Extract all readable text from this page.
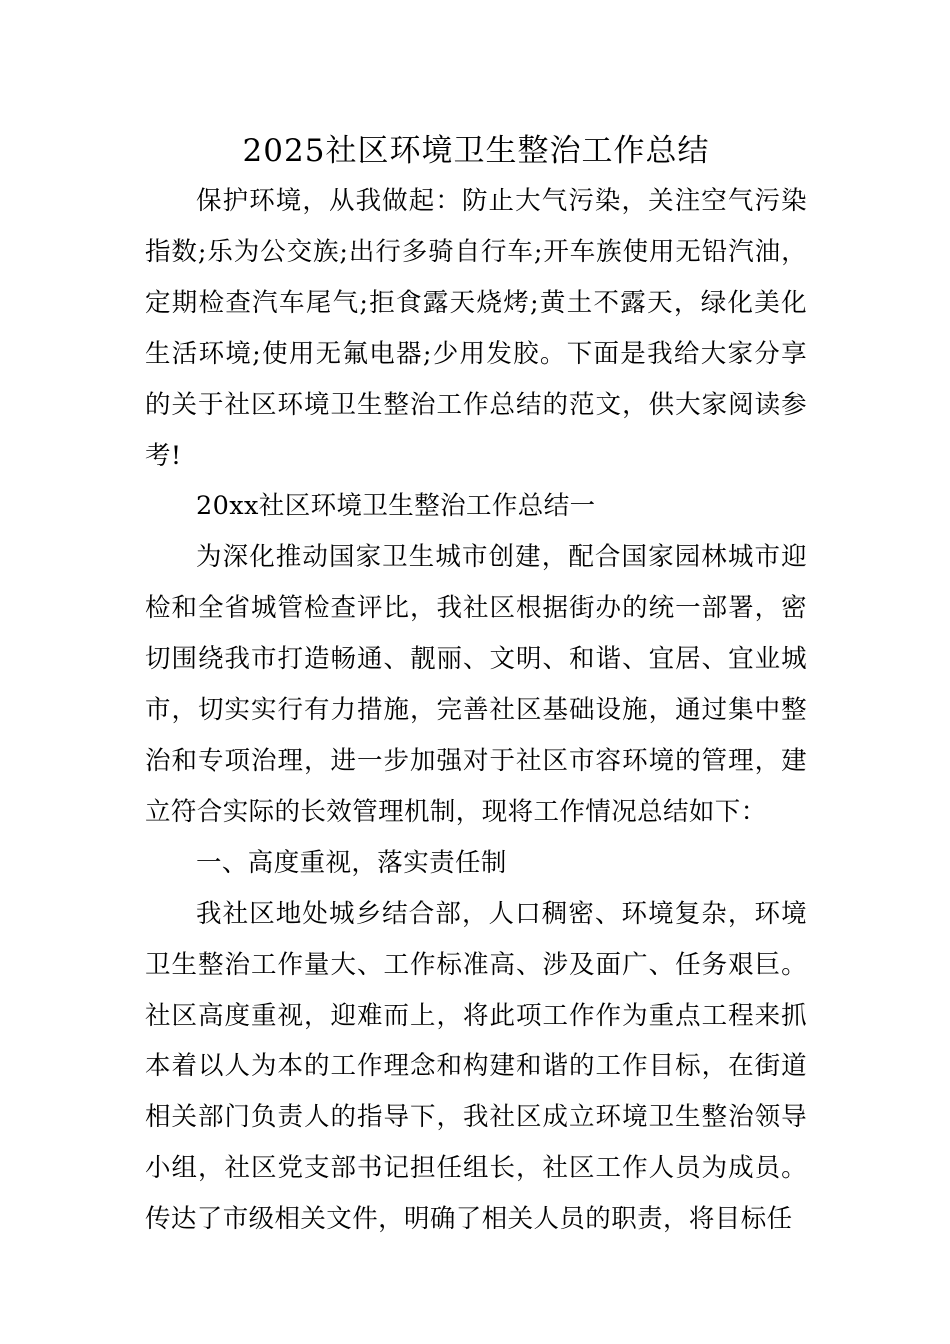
2025社区环境卫生整治工作总结

保护环境，从我做起：防止大气污染，关注空气污染指数;乐为公交族;出行多骑自行车;开车族使用无铅汽油，定期检查汽车尾气;拒食露天烧烤;黄土不露天，绿化美化生活环境;使用无氟电器;少用发胶。下面是我给大家分享的关于社区环境卫生整治工作总结的范文，供大家阅读参考!

20xx社区环境卫生整治工作总结一

为深化推动国家卫生城市创建，配合国家园林城市迎检和全省城管检查评比，我社区根据街办的统一部署，密切围绕我市打造畅通、靓丽、文明、和谐、宜居、宜业城市，切实实行有力措施，完善社区基础设施，通过集中整治和专项治理，进一步加强对于社区市容环境的管理，建立符合实际的长效管理机制，现将工作情况总结如下：

一、高度重视，落实责任制

我社区地处城乡结合部，人口稠密、环境复杂，环境卫生整治工作量大、工作标准高、涉及面广、任务艰巨。社区高度重视，迎难而上，将此项工作作为重点工程来抓本着以人为本的工作理念和构建和谐的工作目标，在街道相关部门负责人的指导下，我社区成立环境卫生整治领导小组，社区党支部书记担任组长，社区工作人员为成员。传达了市级相关文件，明确了相关人员的职责，将目标任
